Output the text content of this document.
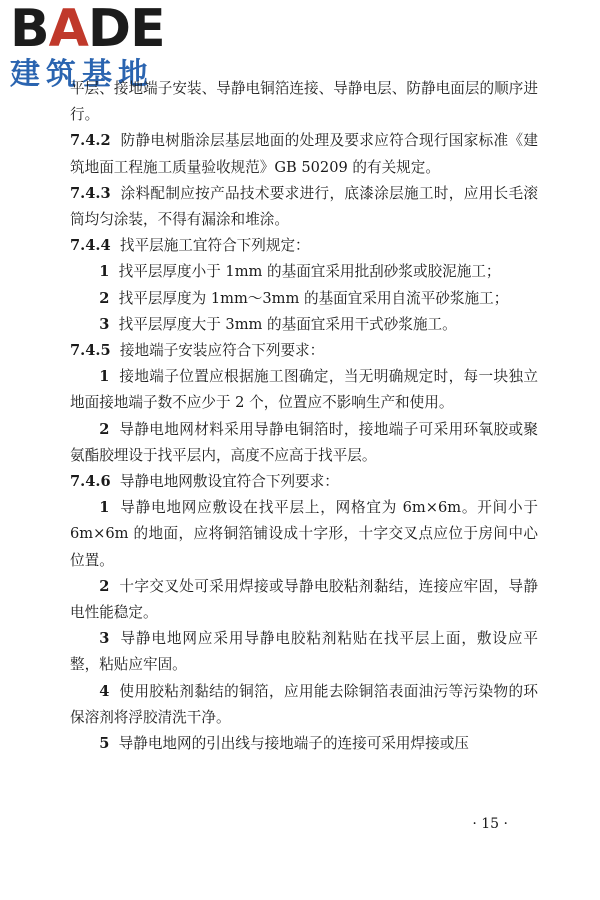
BADE
建筑基地

平层、接地端子安装、导静电铜箔连接、导静电层、防静电面层的顺序进行。

7.4.2 防静电树脂涂层基层地面的处理及要求应符合现行国家标准《建筑地面工程施工质量验收规范》GB 50209 的有关规定。

7.4.3 涂料配制应按产品技术要求进行，底漆涂层施工时，应用长毛滚筒均匀涂装，不得有漏涂和堆涂。

7.4.4 找平层施工宜符合下列规定：

1 找平层厚度小于 1mm 的基面宜采用批刮砂浆或胶泥施工；

2 找平层厚度为 1mm～3mm 的基面宜采用自流平砂浆施工；

3 找平层厚度大于 3mm 的基面宜采用干式砂浆施工。

7.4.5 接地端子安装应符合下列要求：

1 接地端子位置应根据施工图确定，当无明确规定时，每一块独立地面接地端子数不应少于 2 个，位置应不影响生产和使用。

2 导静电地网材料采用导静电铜箔时，接地端子可采用环氧胶或聚氨酯胶埋设于找平层内，高度不应高于找平层。

7.4.6 导静电地网敷设宜符合下列要求：

1 导静电地网应敷设在找平层上，网格宜为 6m×6m。开间小于 6m×6m 的地面，应将铜箔铺设成十字形，十字交叉点应位于房间中心位置。

2 十字交叉处可采用焊接或导静电胶粘剂黏结，连接应牢固，导静电性能稳定。

3 导静电地网应采用导静电胶粘剂粘贴在找平层上面，敷设应平整，粘贴应牢固。

4 使用胶粘剂黏结的铜箔，应用能去除铜箔表面油污等污染物的环保溶剂将浮胶清洗干净。

5 导静电地网的引出线与接地端子的连接可采用焊接或压

· 15 ·
